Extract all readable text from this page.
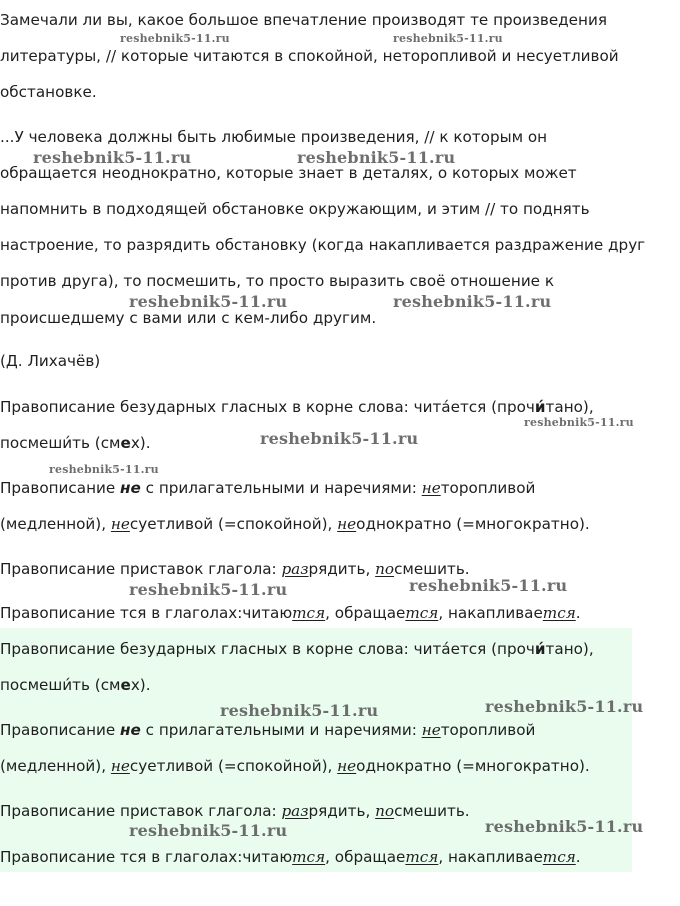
Замечали ли вы, какое большое впечатление производят те произведения
литературы, // которые читаются в спокойной, неторопливой и несуетливой
обстановке.
...У человека должны быть любимые произведения, // к которым он
обращается неоднократно, которые знает в деталях, о которых может
напомнить в подходящей обстановке окружающим, и этим // то поднять
настроение, то разрядить обстановку (когда накапливается раздражение друг
против друга), то посмешить, то просто выразить своё отношение к
происшедшему с вами или с кем-либо другим.
(Д. Лихачёв)
Правописание безударных гласных в корне слова: чита́ется (прочи́тано),
посмеши́ть (смех).
Правописание не с прилагательными и наречиями: неторопливой
(медленной), несуетливой (=спокойной), неоднократно (=многократно).
Правописание приставок глагола: разрядить, посмешить.
Правописание тся в глаголах:читаются, обращается, накапливается.
Правописание безударных гласных в корне слова: чита́ется (прочи́тано),
посмеши́ть (смех).
Правописание не с прилагательными и наречиями: неторопливой
(медленной), несуетливой (=спокойной), неоднократно (=многократно).
Правописание приставок глагола: разрядить, посмешить.
Правописание тся в глаголах:читаются, обращается, накапливается.
reshebnik5-11.ru	reshebnik5-11.ru
reshebnik5-11.ru	reshebnik5-11.ru
reshebnik5-11.ru	reshebnik5-11.ru
reshebnik5-11.ru
reshebnik5-11.ru
reshebnik5-11.ru
reshebnik5-11.ru	reshebnik5-11.ru
reshebnik5-11.ru	reshebnik5-11.ru
reshebnik5-11.ru	reshebnik5-11.ru
